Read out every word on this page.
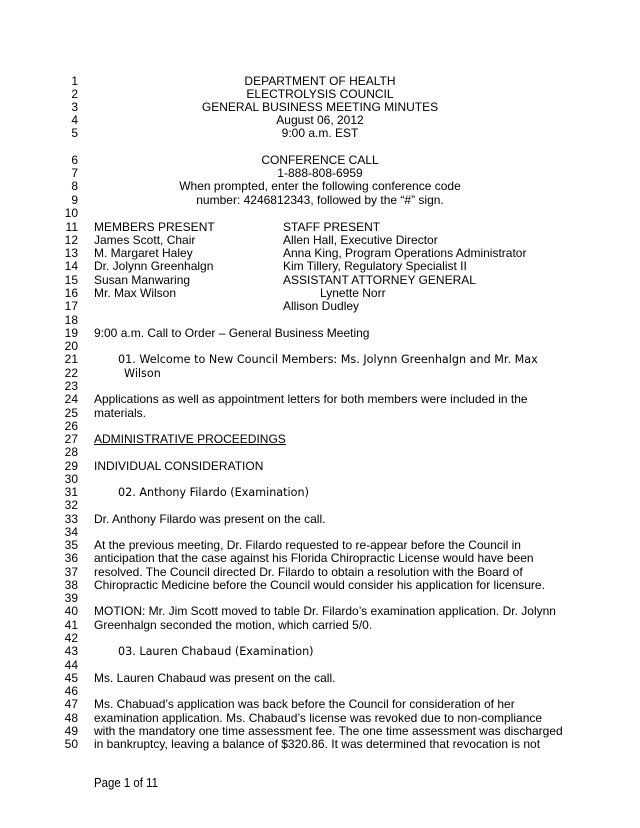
1
2
3
4
5
6
7
8
9
10
11
12
13
14
15
16
17
18
19
20
21
22
23
24
25
26
27
28
29
30
31
32
33
34
35
36
37
38
39
40
41
42
43
44
45
46
47
48
49
50
DEPARTMENT OF HEALTH
ELECTROLYSIS COUNCIL
GENERAL BUSINESS MEETING MINUTES
August 06, 2012
9:00 a.m. EST
CONFERENCE CALL
1-888-808-6959
When prompted, enter the following conference code
number: 4246812343, followed by the “#” sign.
MEMBERS PRESENT
James Scott, Chair
M. Margaret Haley
Dr. Jolynn Greenhalgn
Susan Manwaring
Mr. Max Wilson
STAFF PRESENT
Allen Hall, Executive Director
Anna King, Program Operations Administrator
Kim Tillery, Regulatory Specialist II
ASSISTANT ATTORNEY GENERAL
Lynette Norr
Allison Dudley
9:00 a.m. Call to Order – General Business Meeting
01. Welcome to New Council Members: Ms. Jolynn Greenhalgn and Mr. Max
Wilson
Applications as well as appointment letters for both members were included in the
materials.
ADMINISTRATIVE PROCEEDINGS
INDIVIDUAL CONSIDERATION
02. Anthony Filardo (Examination)
Dr. Anthony Filardo was present on the call.
At the previous meeting, Dr. Filardo requested to re-appear before the Council in
anticipation that the case against his Florida Chiropractic License would have been
resolved. The Council directed Dr. Filardo to obtain a resolution with the Board of
Chiropractic Medicine before the Council would consider his application for licensure.
MOTION: Mr. Jim Scott moved to table Dr. Filardo’s examination application. Dr. Jolynn
Greenhalgn seconded the motion, which carried 5/0.
03. Lauren Chabaud (Examination)
Ms. Lauren Chabaud was present on the call.
Ms. Chabuad’s application was back before the Council for consideration of her
examination application. Ms. Chabaud’s license was revoked due to non-compliance
with the mandatory one time assessment fee. The one time assessment was discharged
in bankruptcy, leaving a balance of $320.86. It was determined that revocation is not
Page 1 of 11
